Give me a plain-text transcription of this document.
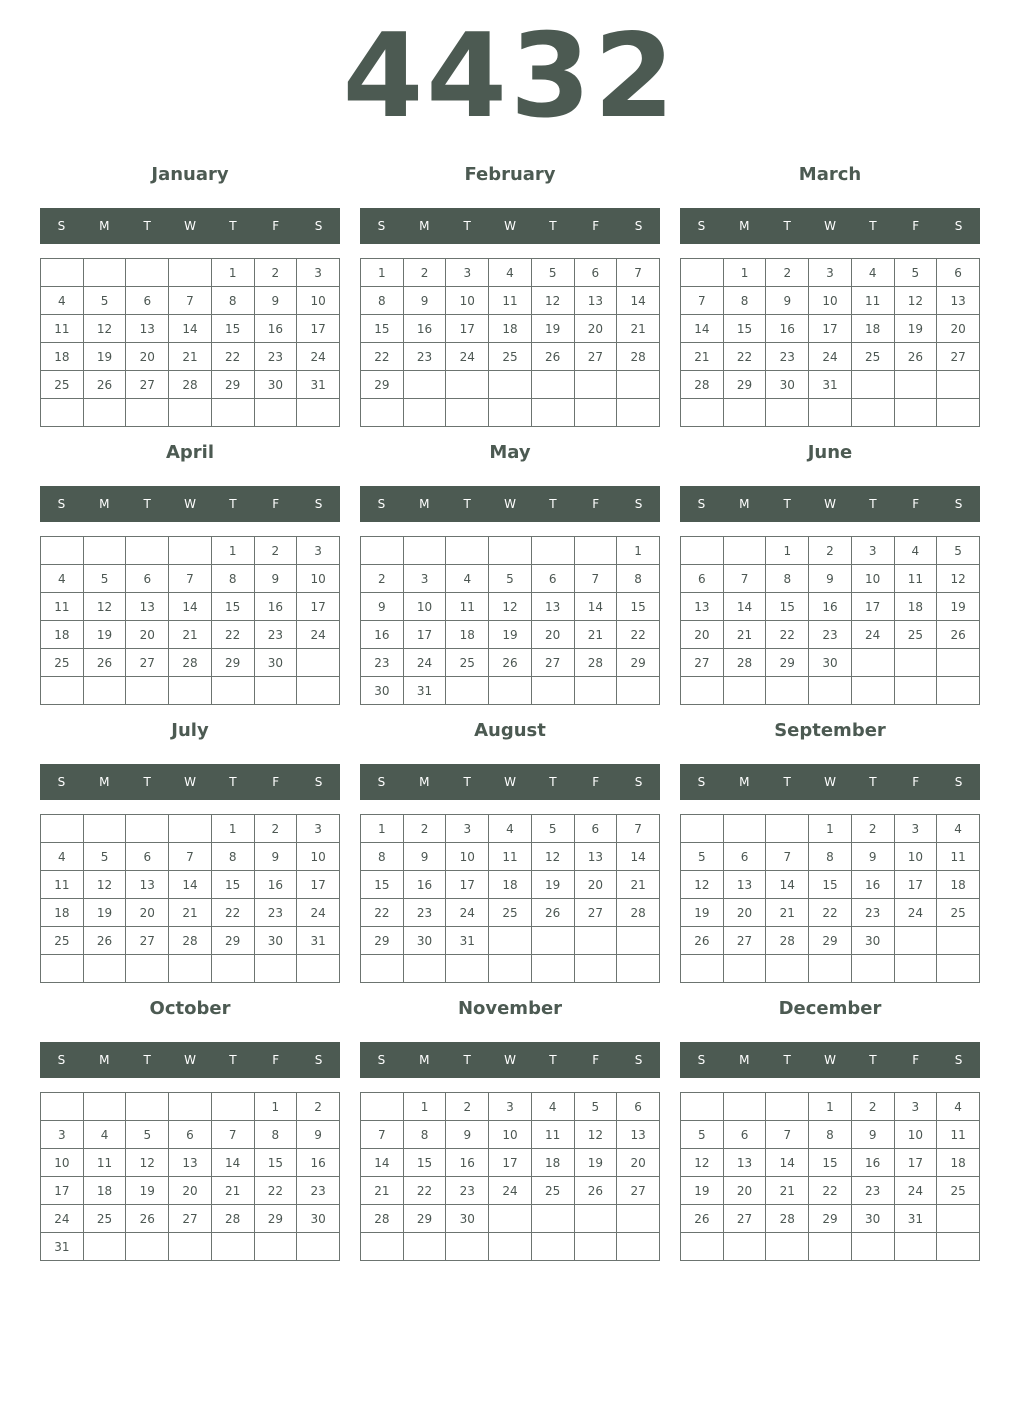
4432
January
S	M	T	W	T	F	S
				1	2	3
4	5	6	7	8	9	10
11	12	13	14	15	16	17
18	19	20	21	22	23	24
25	26	27	28	29	30	31

February
S	M	T	W	T	F	S
1	2	3	4	5	6	7
8	9	10	11	12	13	14
15	16	17	18	19	20	21
22	23	24	25	26	27	28
29						

March
S	M	T	W	T	F	S
	1	2	3	4	5	6
7	8	9	10	11	12	13
14	15	16	17	18	19	20
21	22	23	24	25	26	27
28	29	30	31			

April
S	M	T	W	T	F	S
				1	2	3
4	5	6	7	8	9	10
11	12	13	14	15	16	17
18	19	20	21	22	23	24
25	26	27	28	29	30	

May
S	M	T	W	T	F	S
						1
2	3	4	5	6	7	8
9	10	11	12	13	14	15
16	17	18	19	20	21	22
23	24	25	26	27	28	29
30	31					
June
S	M	T	W	T	F	S
		1	2	3	4	5
6	7	8	9	10	11	12
13	14	15	16	17	18	19
20	21	22	23	24	25	26
27	28	29	30			

July
S	M	T	W	T	F	S
				1	2	3
4	5	6	7	8	9	10
11	12	13	14	15	16	17
18	19	20	21	22	23	24
25	26	27	28	29	30	31

August
S	M	T	W	T	F	S
1	2	3	4	5	6	7
8	9	10	11	12	13	14
15	16	17	18	19	20	21
22	23	24	25	26	27	28
29	30	31				

September
S	M	T	W	T	F	S
			1	2	3	4
5	6	7	8	9	10	11
12	13	14	15	16	17	18
19	20	21	22	23	24	25
26	27	28	29	30		

October
S	M	T	W	T	F	S
					1	2
3	4	5	6	7	8	9
10	11	12	13	14	15	16
17	18	19	20	21	22	23
24	25	26	27	28	29	30
31						
November
S	M	T	W	T	F	S
	1	2	3	4	5	6
7	8	9	10	11	12	13
14	15	16	17	18	19	20
21	22	23	24	25	26	27
28	29	30				

December
S	M	T	W	T	F	S
			1	2	3	4
5	6	7	8	9	10	11
12	13	14	15	16	17	18
19	20	21	22	23	24	25
26	27	28	29	30	31	
